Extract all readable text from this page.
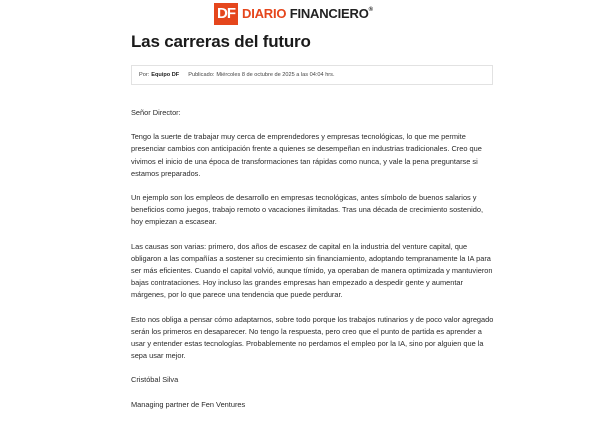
DF DIARIO FINANCIERO®
Las carreras del futuro
Por: Equipo DF Publicado: Miércoles 8 de octubre de 2025 a las 04:04 hrs.

Señor Director:

Tengo la suerte de trabajar muy cerca de emprendedores y empresas tecnológicas, lo que me permite presenciar cambios con anticipación frente a quienes se desempeñan en industrias tradicionales. Creo que vivimos el inicio de una época de transformaciones tan rápidas como nunca, y vale la pena preguntarse si estamos preparados.

Un ejemplo son los empleos de desarrollo en empresas tecnológicas, antes símbolo de buenos salarios y beneficios como juegos, trabajo remoto o vacaciones ilimitadas. Tras una década de crecimiento sostenido, hoy empiezan a escasear.

Las causas son varias: primero, dos años de escasez de capital en la industria del venture capital, que obligaron a las compañías a sostener su crecimiento sin financiamiento, adoptando tempranamente la IA para ser más eficientes. Cuando el capital volvió, aunque tímido, ya operaban de manera optimizada y mantuvieron bajas contrataciones. Hoy incluso las grandes empresas han empezado a despedir gente y aumentar márgenes, por lo que parece una tendencia que puede perdurar.

Esto nos obliga a pensar cómo adaptarnos, sobre todo porque los trabajos rutinarios y de poco valor agregado serán los primeros en desaparecer. No tengo la respuesta, pero creo que el punto de partida es aprender a usar y entender estas tecnologías. Probablemente no perdamos el empleo por la IA, sino por alguien que la sepa usar mejor.

Cristóbal Silva

Managing partner de Fen Ventures
